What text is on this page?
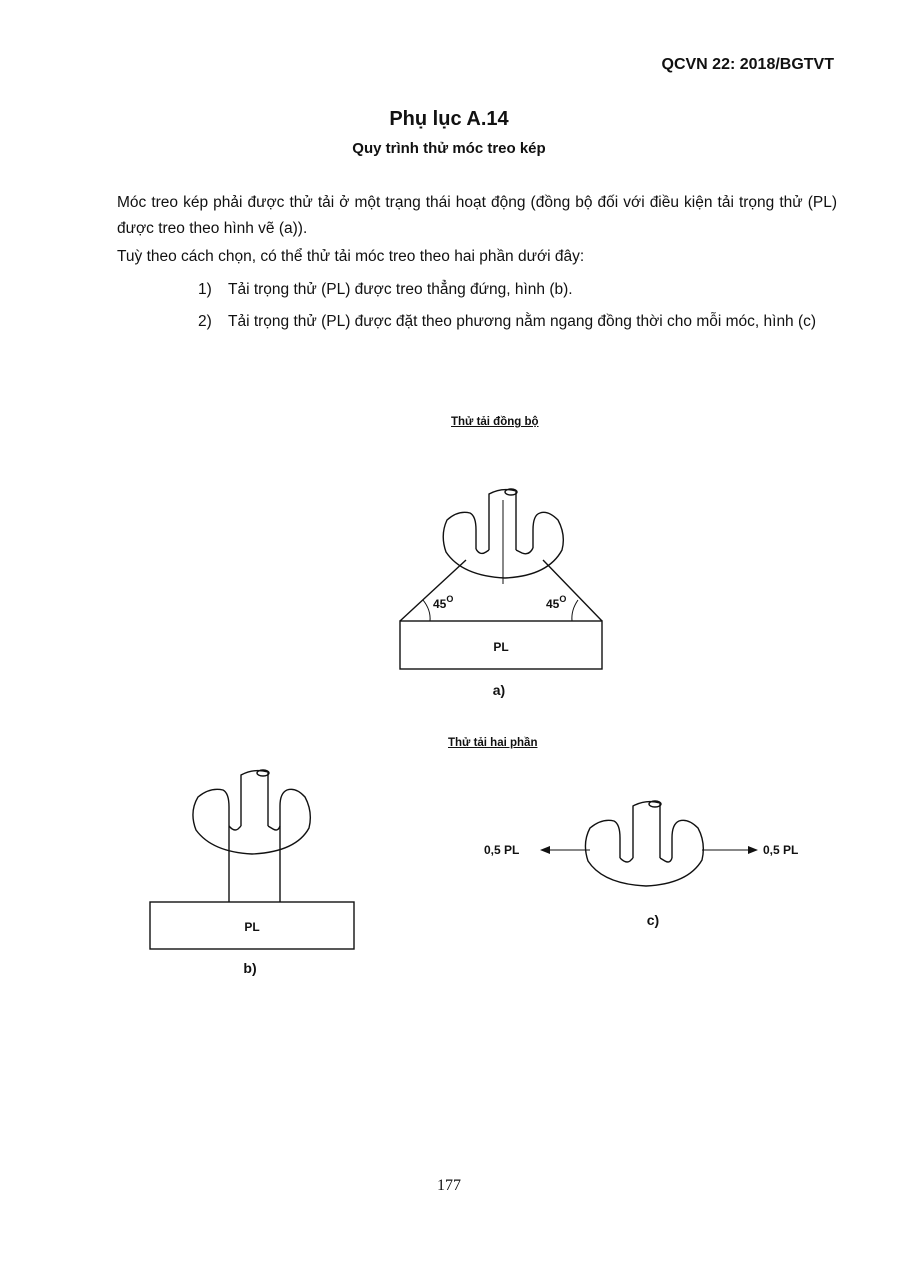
QCVN 22: 2018/BGTVT
Phụ lục A.14
Quy trình thử móc treo kép
Móc treo kép phải được thử tải ở một trạng thái hoạt động (đồng bộ đối với điều kiện tải trọng thử (PL) được treo theo hình vẽ (a)).
Tuỳ theo cách chọn, có thể thử tải móc treo theo hai phần dưới đây:
1)	Tải trọng thử (PL) được treo thẳng đứng, hình (b).
2)	Tải trọng thử (PL) được đặt theo phương nằm ngang đồng thời cho mỗi móc, hình (c)
Thử tải đồng bộ
Thử tải hai phần
$45^O$	$45^O$
PL
a)
PL
b)
0,5 PL	0,5 PL
c)
177
